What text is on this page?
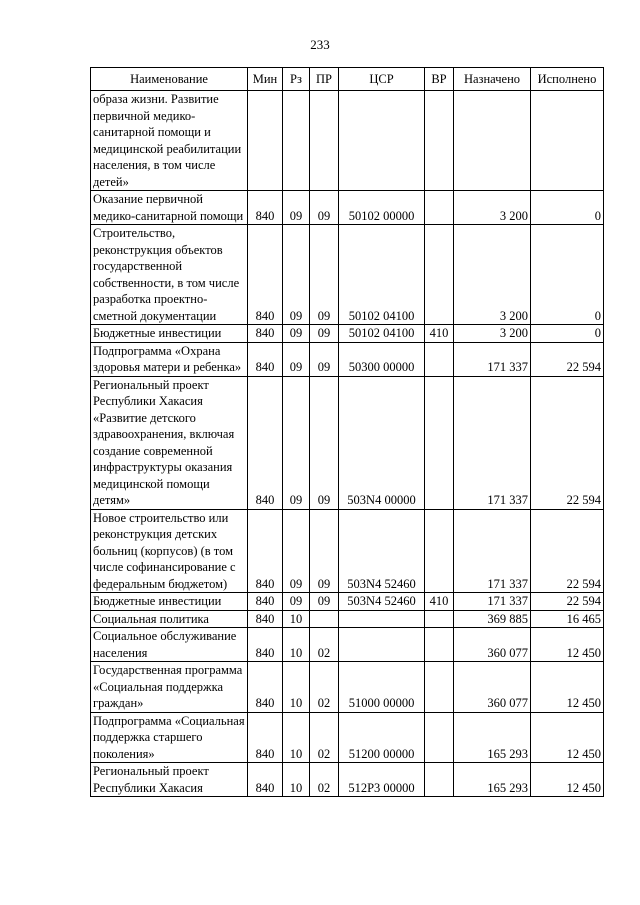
233
Наименование	Мин	Рз	ПР	ЦСР	ВР	Назначено	Исполнено
образа жизни. Развитие первичной медико-санитарной помощи и медицинской реабилитации населения, в том числе детей»							
Оказание первичной медико-санитарной помощи	840	09	09	50102 00000		3 200	0
Строительство, реконструкция объектов государственной собственности, в том числе разработка проектно-сметной документации	840	09	09	50102 04100		3 200	0
Бюджетные инвестиции	840	09	09	50102 04100	410	3 200	0
Подпрограмма «Охрана здоровья матери и ребенка»	840	09	09	50300 00000		171 337	22 594
Региональный проект Республики Хакасия «Развитие детского здравоохранения, включая создание современной инфраструктуры оказания медицинской помощи детям»	840	09	09	503N4 00000		171 337	22 594
Новое строительство или реконструкция детских больниц (корпусов) (в том числе софинансирование с федеральным бюджетом)	840	09	09	503N4 52460		171 337	22 594
Бюджетные инвестиции	840	09	09	503N4 52460	410	171 337	22 594
Социальная политика	840	10				369 885	16 465
Социальное обслуживание населения	840	10	02			360 077	12 450
Государственная программа «Социальная поддержка граждан»	840	10	02	51000 00000		360 077	12 450
Подпрограмма «Социальная поддержка старшего поколения»	840	10	02	51200 00000		165 293	12 450
Региональный проект Республики Хакасия	840	10	02	512P3 00000		165 293	12 450
